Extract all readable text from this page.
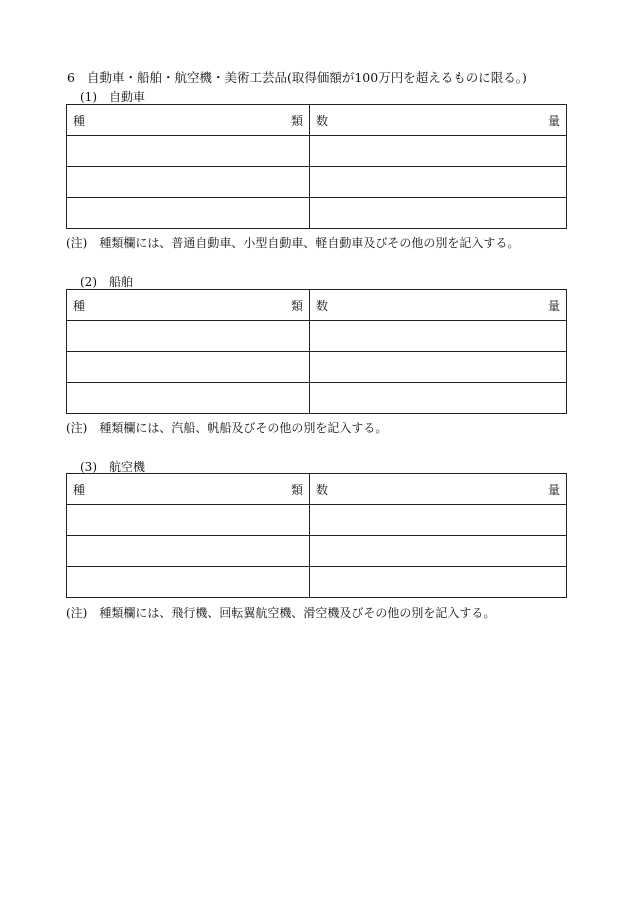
6 自動車・船舶・航空機・美術工芸品(取得価額が100万円を超えるものに限る。)
(1) 自動車
種 類	数 量

(注) 種類欄には、普通自動車、小型自動車、軽自動車及びその他の別を記入する。
(2) 船舶
種 類	数 量

(注) 種類欄には、汽船、帆船及びその他の別を記入する。
(3) 航空機
種 類	数 量

(注) 種類欄には、飛行機、回転翼航空機、滑空機及びその他の別を記入する。
